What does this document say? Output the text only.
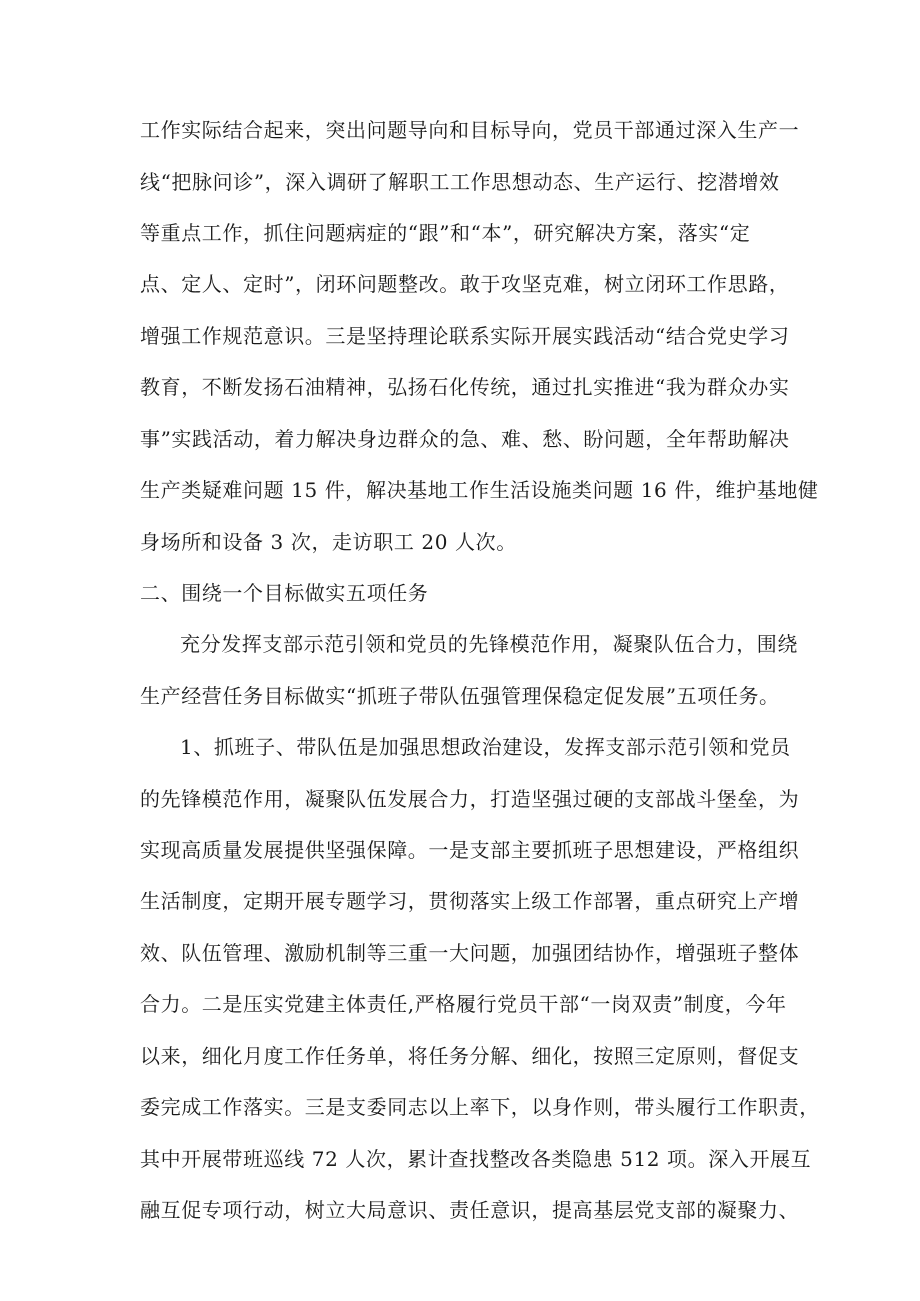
工作实际结合起来，突出问题导向和目标导向，党员干部通过深入生产一
线“把脉问诊”，深入调研了解职工工作思想动态、生产运行、挖潜增效
等重点工作，抓住问题病症的“跟”和“本”，研究解决方案，落实“定
点、定人、定时”，闭环问题整改。敢于攻坚克难，树立闭环工作思路，
增强工作规范意识。三是坚持理论联系实际开展实践活动“结合党史学习
教育，不断发扬石油精神，弘扬石化传统，通过扎实推进“我为群众办实
事”实践活动，着力解决身边群众的急、难、愁、盼问题，全年帮助解决
生产类疑难问题 15 件，解决基地工作生活设施类问题 16 件，维护基地健
身场所和设备 3 次，走访职工 20 人次。
二、围绕一个目标做实五项任务
充分发挥支部示范引领和党员的先锋模范作用，凝聚队伍合力，围绕
生产经营任务目标做实“抓班子带队伍强管理保稳定促发展”五项任务。
1、抓班子、带队伍是加强思想政治建设，发挥支部示范引领和党员
的先锋模范作用，凝聚队伍发展合力，打造坚强过硬的支部战斗堡垒，为
实现高质量发展提供坚强保障。一是支部主要抓班子思想建设，严格组织
生活制度，定期开展专题学习，贯彻落实上级工作部署，重点研究上产增
效、队伍管理、激励机制等三重一大问题，加强团结协作，增强班子整体
合力。二是压实党建主体责任,严格履行党员干部“一岗双责”制度，今年
以来，细化月度工作任务单，将任务分解、细化，按照三定原则，督促支
委完成工作落实。三是支委同志以上率下，以身作则，带头履行工作职责，
其中开展带班巡线 72 人次，累计查找整改各类隐患 512 项。深入开展互
融互促专项行动，树立大局意识、责任意识，提高基层党支部的凝聚力、
